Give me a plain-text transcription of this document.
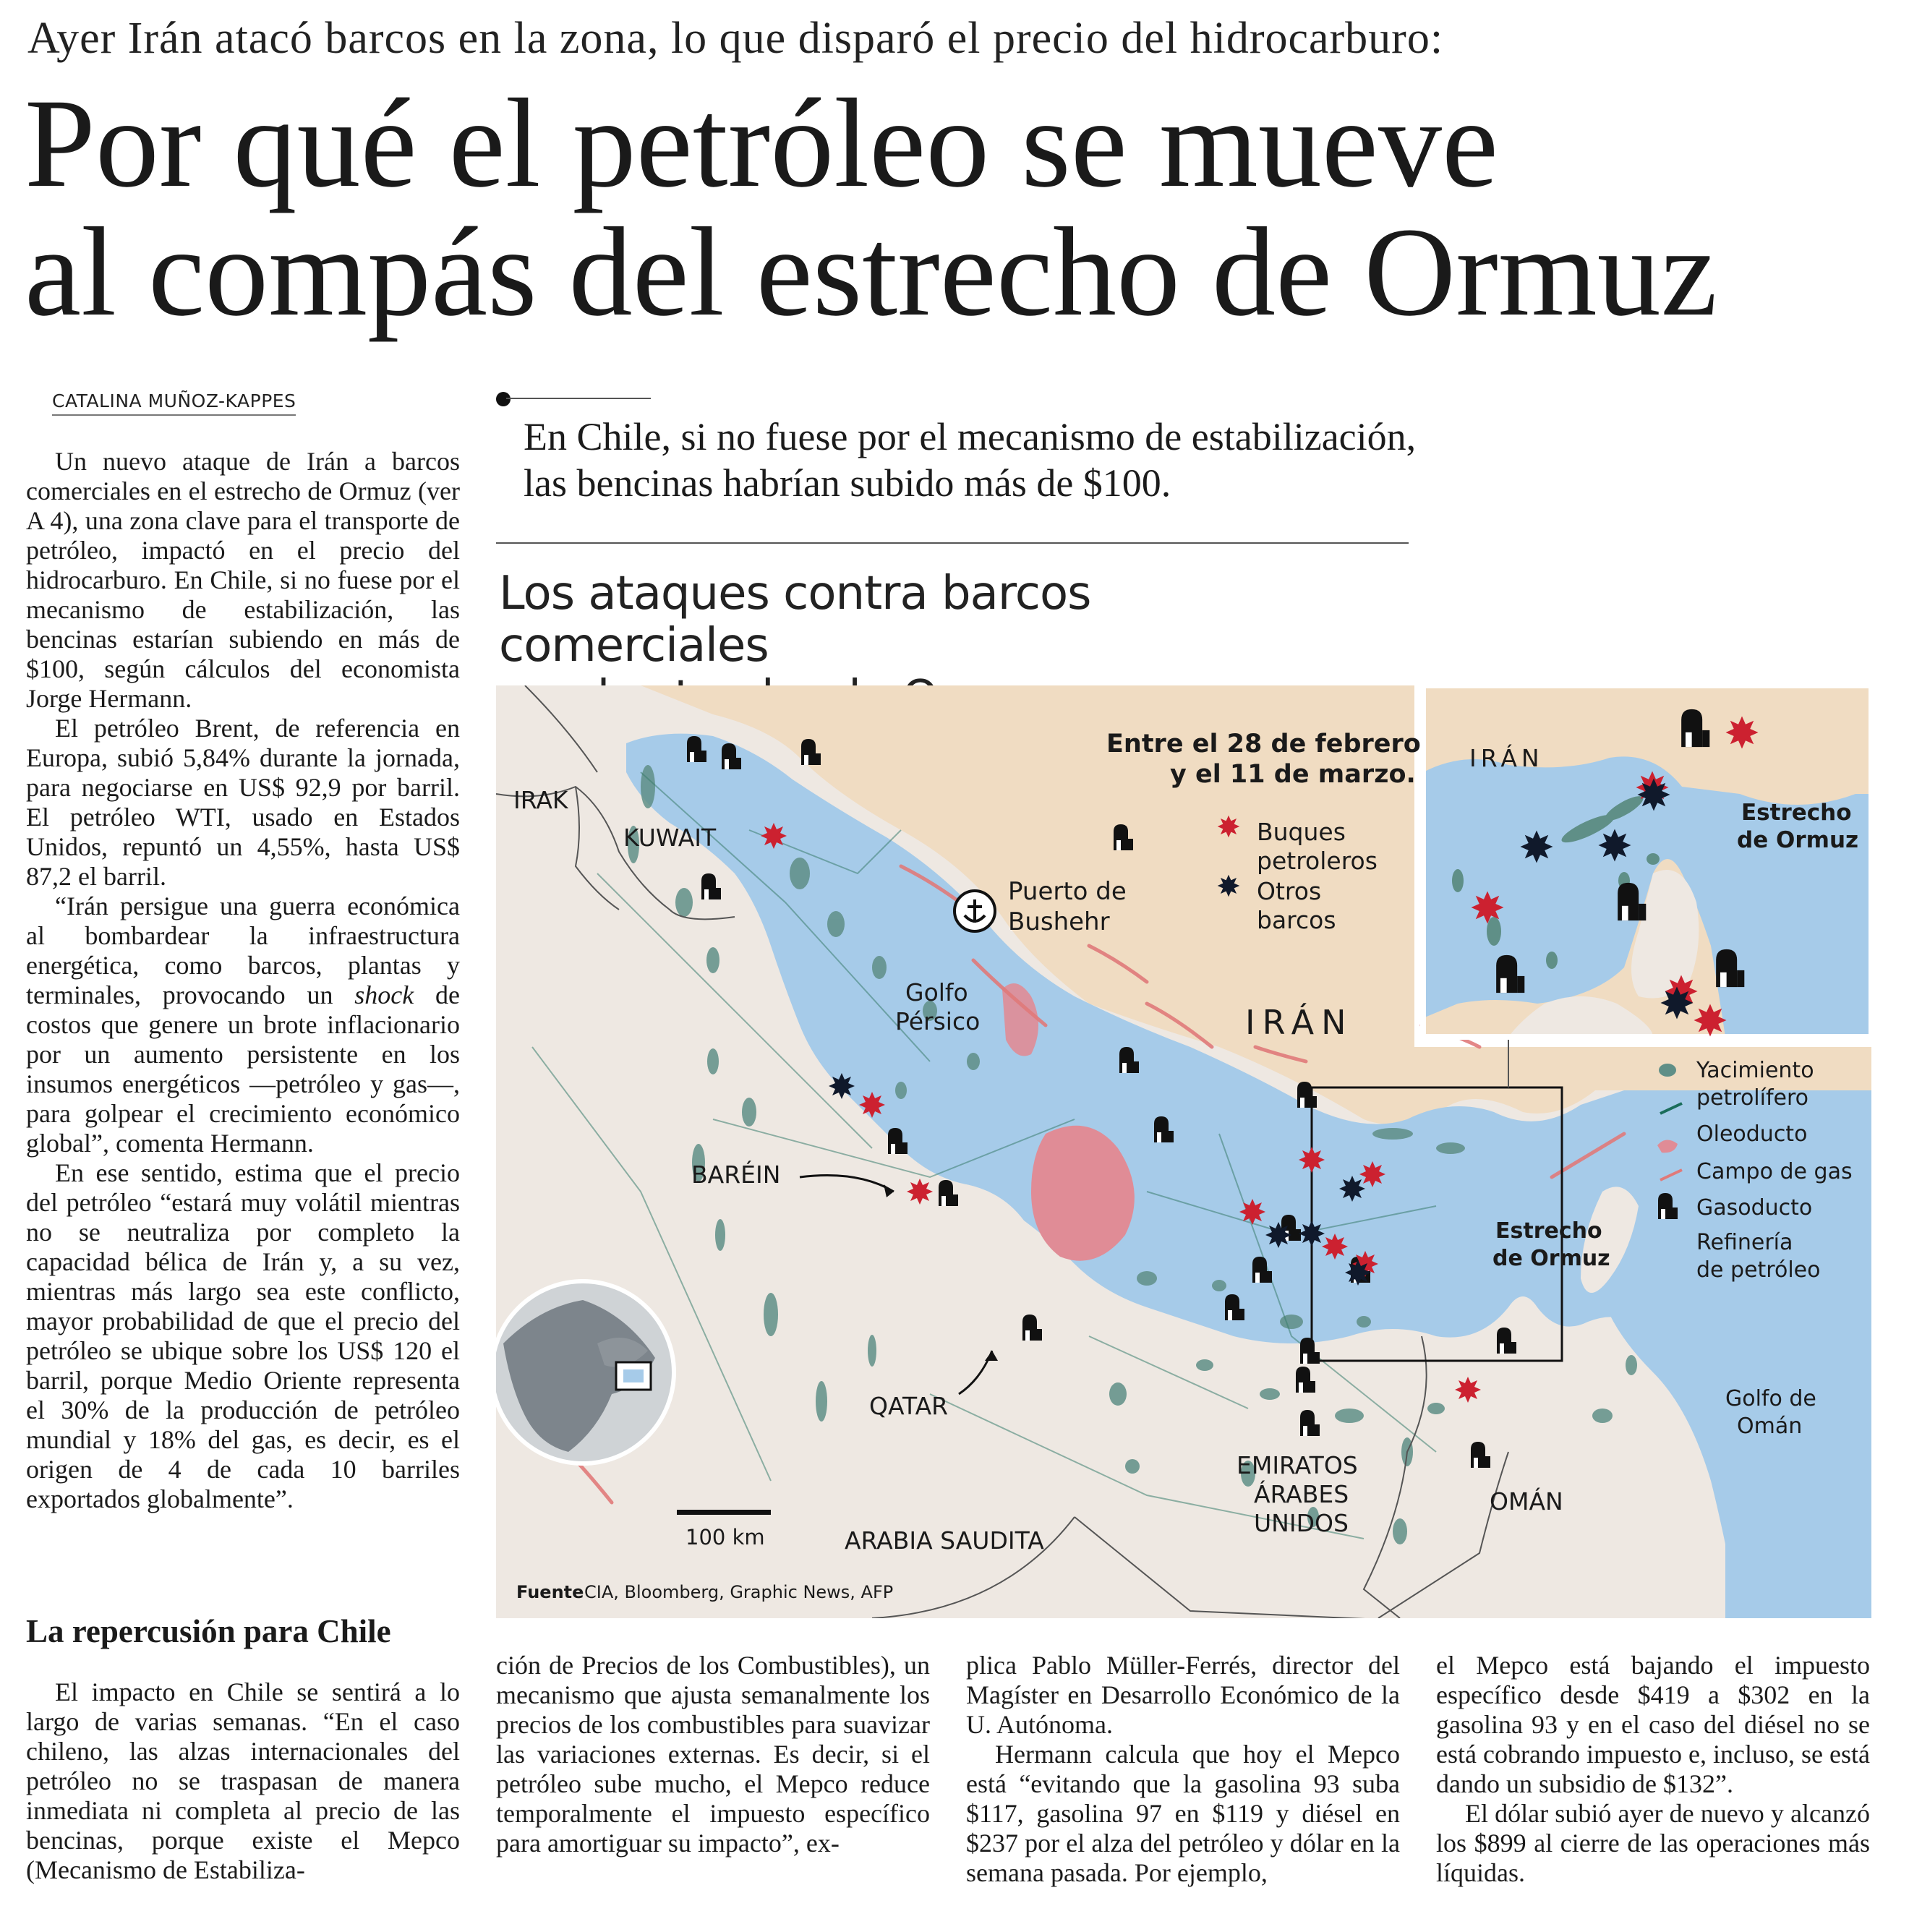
Ayer Irán atacó barcos en la zona, lo que disparó el precio del hidrocarburo:
Por qué el petróleo se mueve
al compás del estrecho de Ormuz
CATALINA MUÑOZ-KAPPES

Un nuevo ataque de Irán a barcos comerciales en el estrecho de Ormuz (ver A 4), una zona clave para el transporte de petróleo, impactó en el precio del hidrocarburo. En Chile, si no fuese por el mecanismo de estabilización, las bencinas estarían subiendo en más de $100, según cálculos del economista Jorge Hermann.

El petróleo Brent, de referencia en Europa, subió 5,84% durante la jornada, para negociarse en US$ 92,9 por barril. El petróleo WTI, usado en Estados Unidos, repuntó un 4,55%, hasta US$ 87,2 el barril.

“Irán persigue una guerra económica al bombardear la infraestructura energética, como barcos, plantas y terminales, provocando un shock de costos que genere un brote inflacionario por un aumento persistente en los insumos energéticos —petróleo y gas—, para golpear el crecimiento económico global”, comenta Hermann.

En ese sentido, estima que el precio del petróleo “estará muy volátil mientras no se neutraliza por completo la capacidad bélica de Irán y, a su vez, mientras más largo sea este conflicto, mayor probabilidad de que el precio del petróleo se ubique sobre los US$ 120 el barril, porque Medio Oriente representa el 30% de la producción de petróleo mundial y 18% del gas, es decir, es el origen de 4 de cada 10 barriles exportados globalmente”.

La repercusión para Chile

El impacto en Chile se sentirá a lo largo de varias semanas. “En el caso chileno, las alzas internacionales del petróleo no se traspasan de manera inmediata ni completa al precio de las bencinas, porque existe el Mepco (Mecanismo de Estabiliza-

ción de Precios de los Combustibles), un mecanismo que ajusta semanalmente los precios de los combustibles para suavizar las variaciones externas. Es decir, si el petróleo sube mucho, el Mepco reduce temporalmente el impuesto específico para amortiguar su impacto”, ex-

plica Pablo Müller-Ferrés, director del Magíster en Desarrollo Económico de la U. Autónoma.

Hermann calcula que hoy el Mepco está “evitando que la gasolina 93 suba $117, gasolina 97 en $119 y diésel en $237 por el alza del petróleo y dólar en la semana pasada. Por ejemplo,

el Mepco está bajando el impuesto específico desde $419 a $302 en la gasolina 93 y en el caso del diésel no se está cobrando impuesto e, incluso, se está dando un subsidio de $132”.

El dólar subió ayer de nuevo y alcanzó los $899 al cierre de las operaciones más líquidas.

En Chile, si no fuese por el mecanismo de estabilización,
las bencinas habrían subido más de $100.
Los ataques contra barcos comerciales
IRAK
KUWAIT
Puerto de
Bushehr
Golfo
Pérsico	IRÁN
BARÉIN
QATAR
ARABIA SAUDITA
EMIRATOS
ÁRABES
UNIDOS
OMÁN
Estrecho
de Ormuz
Golfo de
Omán
100 km
Fuente CIA, Bloomberg, Graphic News, AFP
Entre el 28 de febrero
y el 11 de marzo.
Buques
petroleros
Otros
barcos
Yacimiento
petrolífero
Oleoducto
Campo de gas
Gasoducto
Refinería
de petróleo
IRÁN
Estrecho
de Ormuz
